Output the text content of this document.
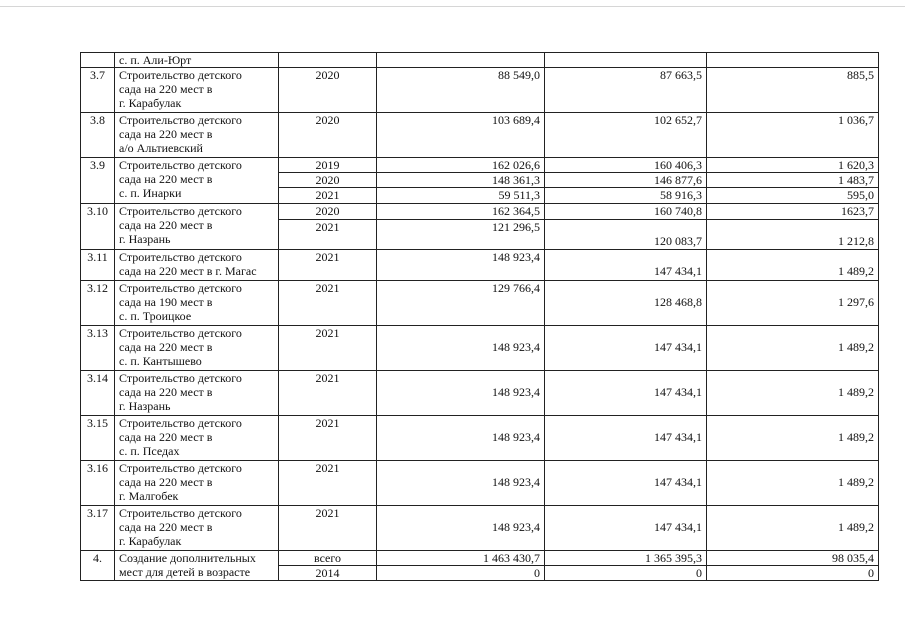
	с. п. Али-Юрт				

3.7	Строительство детского
сада на 220 мест в
г. Карабулак	2020	88 549,0	87 663,5	885,5
3.8	Строительство детского
сада на 220 мест в
а/о Альтиевский	2020	103 689,4	102 652,7	1 036,7
3.9	Строительство детского
сада на 220 мест в
с. п. Инарки	2019	162 026,6	160 406,3	1 620,3
		2020	148 361,3	146 877,6	1 483,7
		2021	59 511,3	58 916,3	595,0
3.10	Строительство детского
сада на 220 мест в
г. Назрань	2020	162 364,5	160 740,8	1623,7
		2021	121 296,5	120 083,7	1 212,8
3.11	Строительство детского
сада на 220 мест в г. Магас	2021	148 923,4	147 434,1	1 489,2
3.12	Строительство детского
сада на 190 мест в
с. п. Троицкое	2021	129 766,4	128 468,8	1 297,6
3.13	Строительство детского
сада на 220 мест в
с. п. Кантышево	2021	148 923,4	147 434,1	1 489,2
3.14	Строительство детского
сада на 220 мест в
г. Назрань	2021	148 923,4	147 434,1	1 489,2
3.15	Строительство детского
сада на 220 мест в
с. п. Пседах	2021	148 923,4	147 434,1	1 489,2
3.16	Строительство детского
сада на 220 мест в
г. Малгобек	2021	148 923,4	147 434,1	1 489,2
3.17	Строительство детского
сада на 220 мест в
г. Карабулак	2021	148 923,4	147 434,1	1 489,2
4.	Создание дополнительных
мест для детей в возрасте	всего	1 463 430,7	1 365 395,3	98 035,4
		2014	0	0	0
